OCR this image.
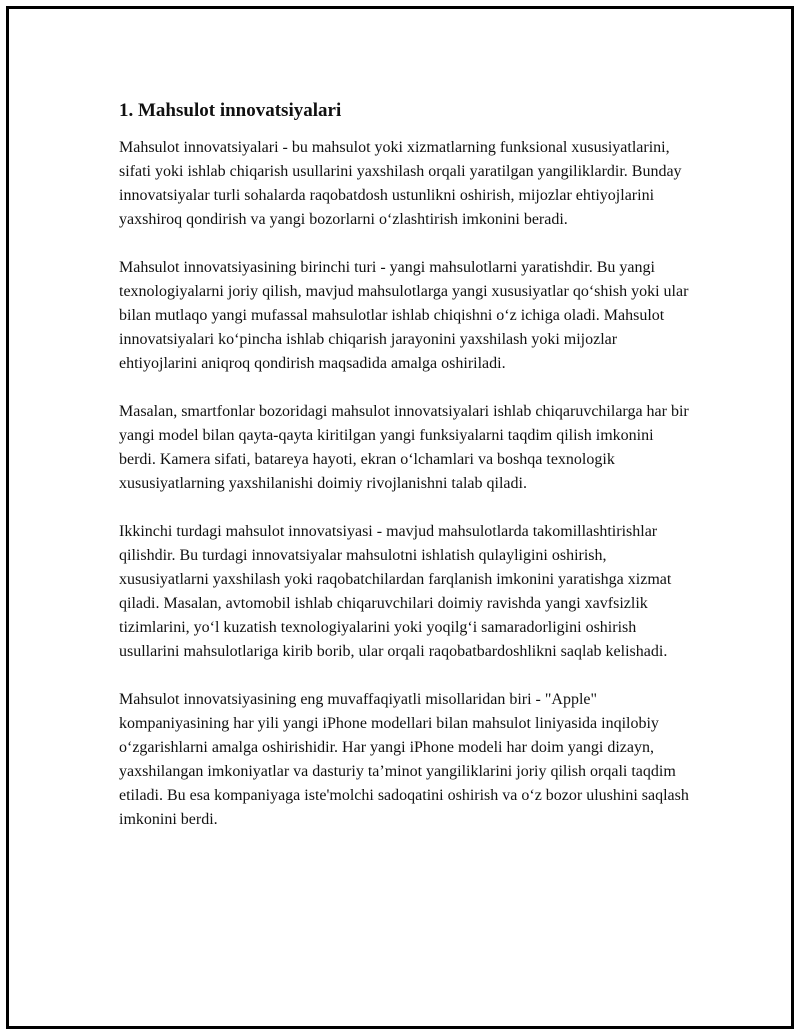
1. Mahsulot innovatsiyalari

Mahsulot innovatsiyalari - bu mahsulot yoki xizmatlarning funksional xususiyatlarini, sifati yoki ishlab chiqarish usullarini yaxshilash orqali yaratilgan yangiliklardir. Bunday innovatsiyalar turli sohalarda raqobatdosh ustunlikni oshirish, mijozlar ehtiyojlarini yaxshiroq qondirish va yangi bozorlarni o‘zlashtirish imkonini beradi.

Mahsulot innovatsiyasining birinchi turi - yangi mahsulotlarni yaratishdir. Bu yangi texnologiyalarni joriy qilish, mavjud mahsulotlarga yangi xususiyatlar qo‘shish yoki ular bilan mutlaqo yangi mufassal mahsulotlar ishlab chiqishni o‘z ichiga oladi. Mahsulot innovatsiyalari ko‘pincha ishlab chiqarish jarayonini yaxshilash yoki mijozlar ehtiyojlarini aniqroq qondirish maqsadida amalga oshiriladi.

Masalan, smartfonlar bozoridagi mahsulot innovatsiyalari ishlab chiqaruvchilarga har bir yangi model bilan qayta-qayta kiritilgan yangi funksiyalarni taqdim qilish imkonini berdi. Kamera sifati, batareya hayoti, ekran o‘lchamlari va boshqa texnologik xususiyatlarning yaxshilanishi doimiy rivojlanishni talab qiladi.

Ikkinchi turdagi mahsulot innovatsiyasi - mavjud mahsulotlarda takomillashtirishlar qilishdir. Bu turdagi innovatsiyalar mahsulotni ishlatish qulayligini oshirish, xususiyatlarni yaxshilash yoki raqobatchilardan farqlanish imkonini yaratishga xizmat qiladi. Masalan, avtomobil ishlab chiqaruvchilari doimiy ravishda yangi xavfsizlik tizimlarini, yo‘l kuzatish texnologiyalarini yoki yoqilg‘i samaradorligini oshirish usullarini mahsulotlariga kirib borib, ular orqali raqobatbardoshlikni saqlab kelishadi.

Mahsulot innovatsiyasining eng muvaffaqiyatli misollaridan biri - "Apple" kompaniyasining har yili yangi iPhone modellari bilan mahsulot liniyasida inqilobiy o‘zgarishlarni amalga oshirishidir. Har yangi iPhone modeli har doim yangi dizayn, yaxshilangan imkoniyatlar va dasturiy ta’minot yangiliklarini joriy qilish orqali taqdim etiladi. Bu esa kompaniyaga iste'molchi sadoqatini oshirish va o‘z bozor ulushini saqlash imkonini berdi.
